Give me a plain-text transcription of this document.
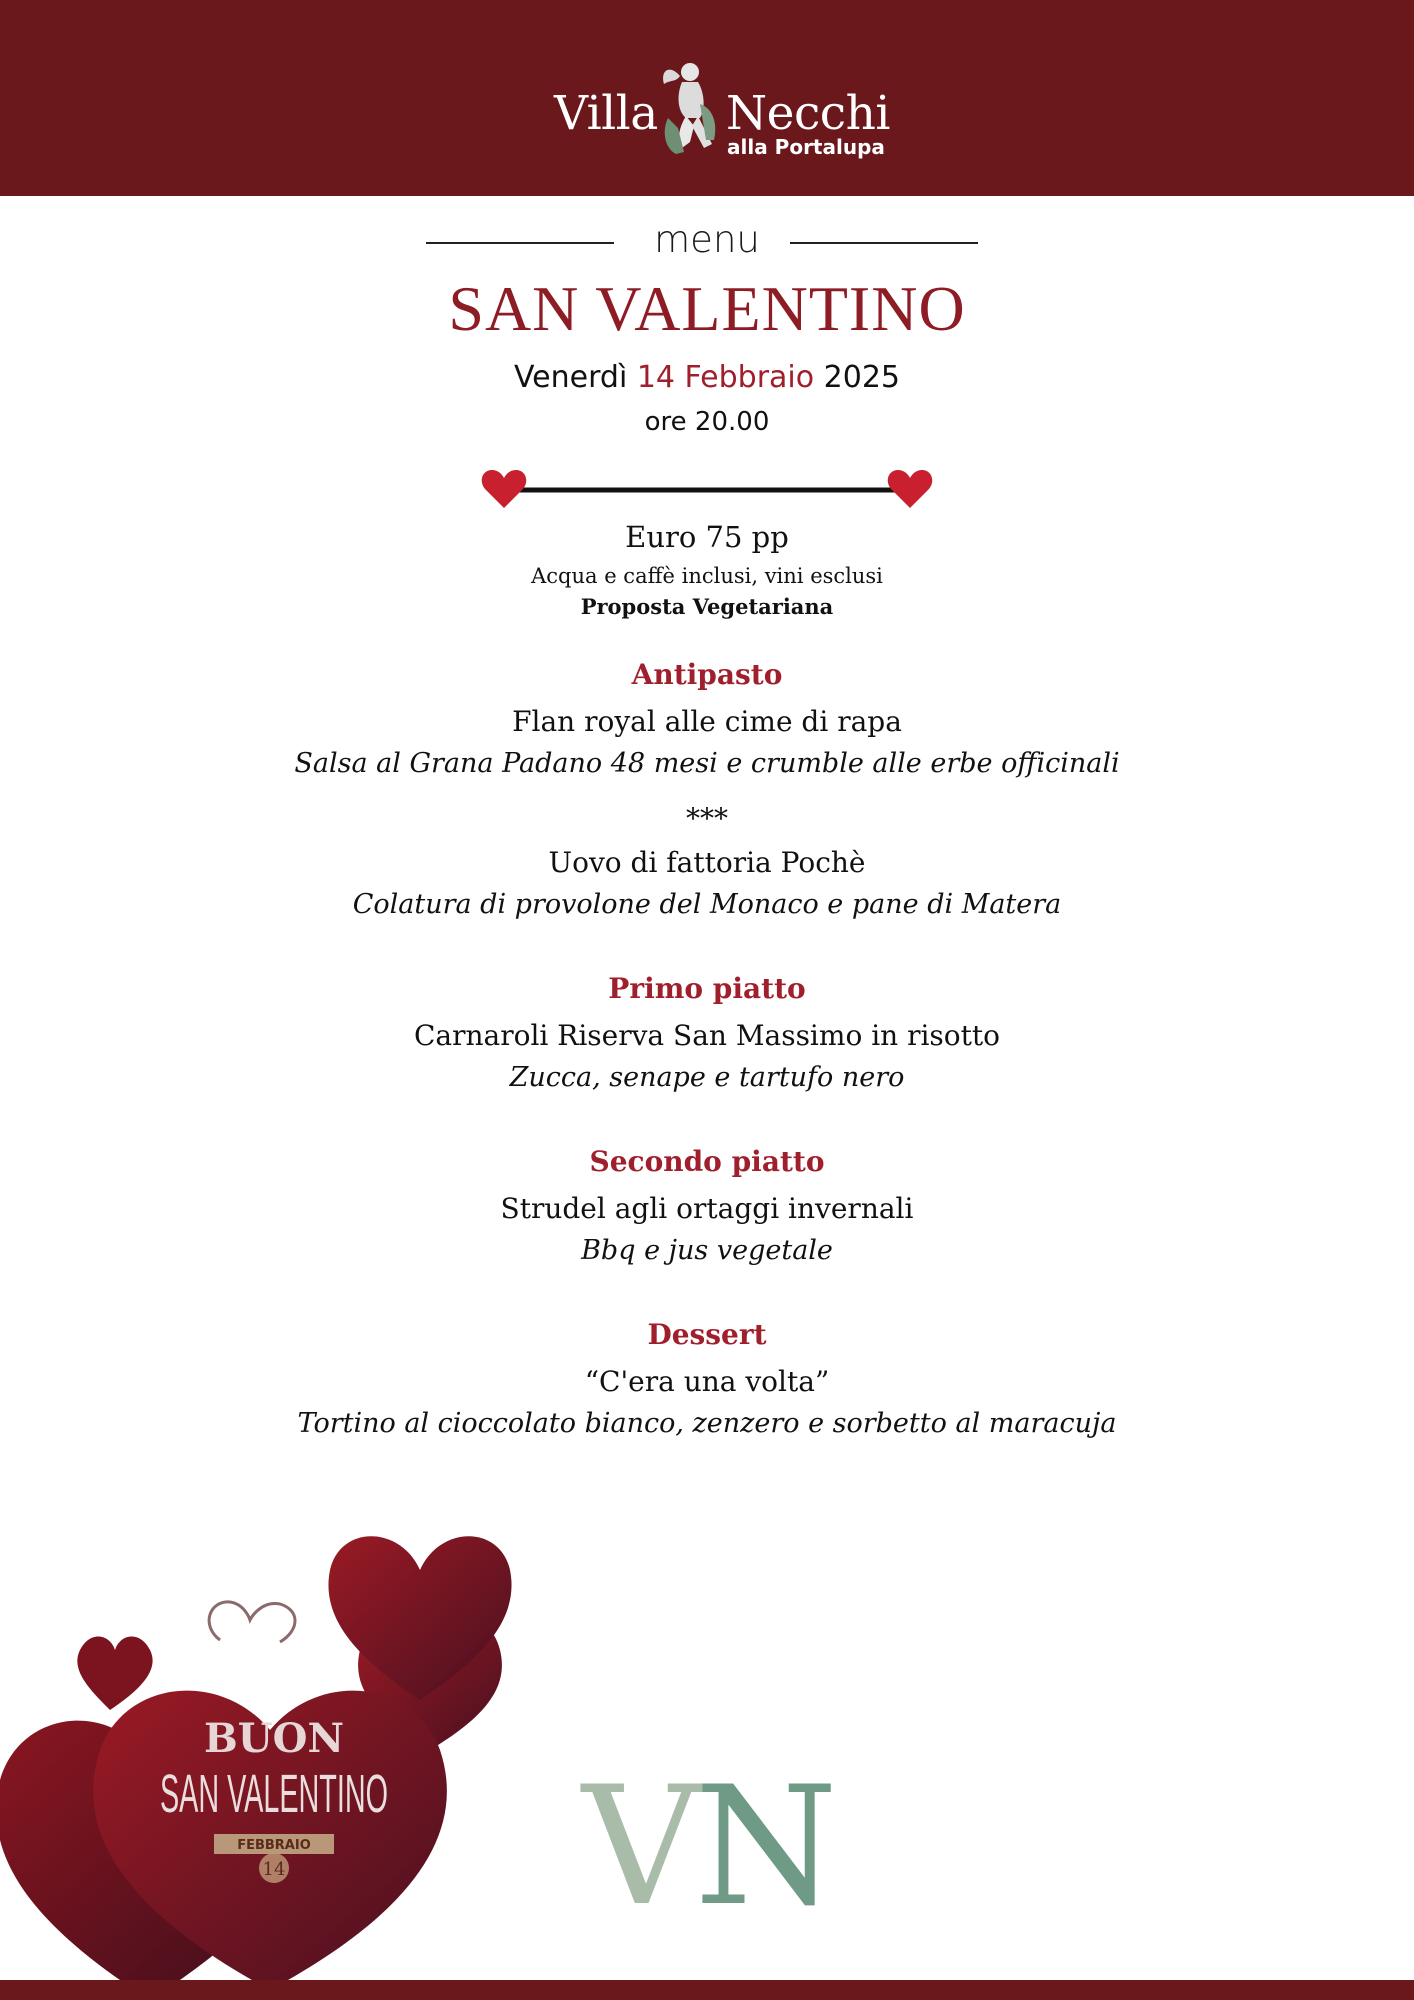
Villa Necchi
alla Portalupa
menu
SAN VALENTINO
Venerdì 14 Febbraio 2025
ore 20.00
Euro 75 pp
Acqua e caffè inclusi, vini esclusi
Proposta Vegetariana
Antipasto
Flan royal alle cime di rapa
Salsa al Grana Padano 48 mesi e crumble alle erbe officinali
***
Uovo di fattoria Pochè
Colatura di provolone del Monaco e pane di Matera
Primo piatto
Carnaroli Riserva San Massimo in risotto
Zucca, senape e tartufo nero
Secondo piatto
Strudel agli ortaggi invernali
Bbq e jus vegetale
Dessert
“C'era una volta”
Tortino al cioccolato bianco, zenzero e sorbetto al maracuja
BUON
SAN VALENTINO
FEBBRAIO
14 VN
